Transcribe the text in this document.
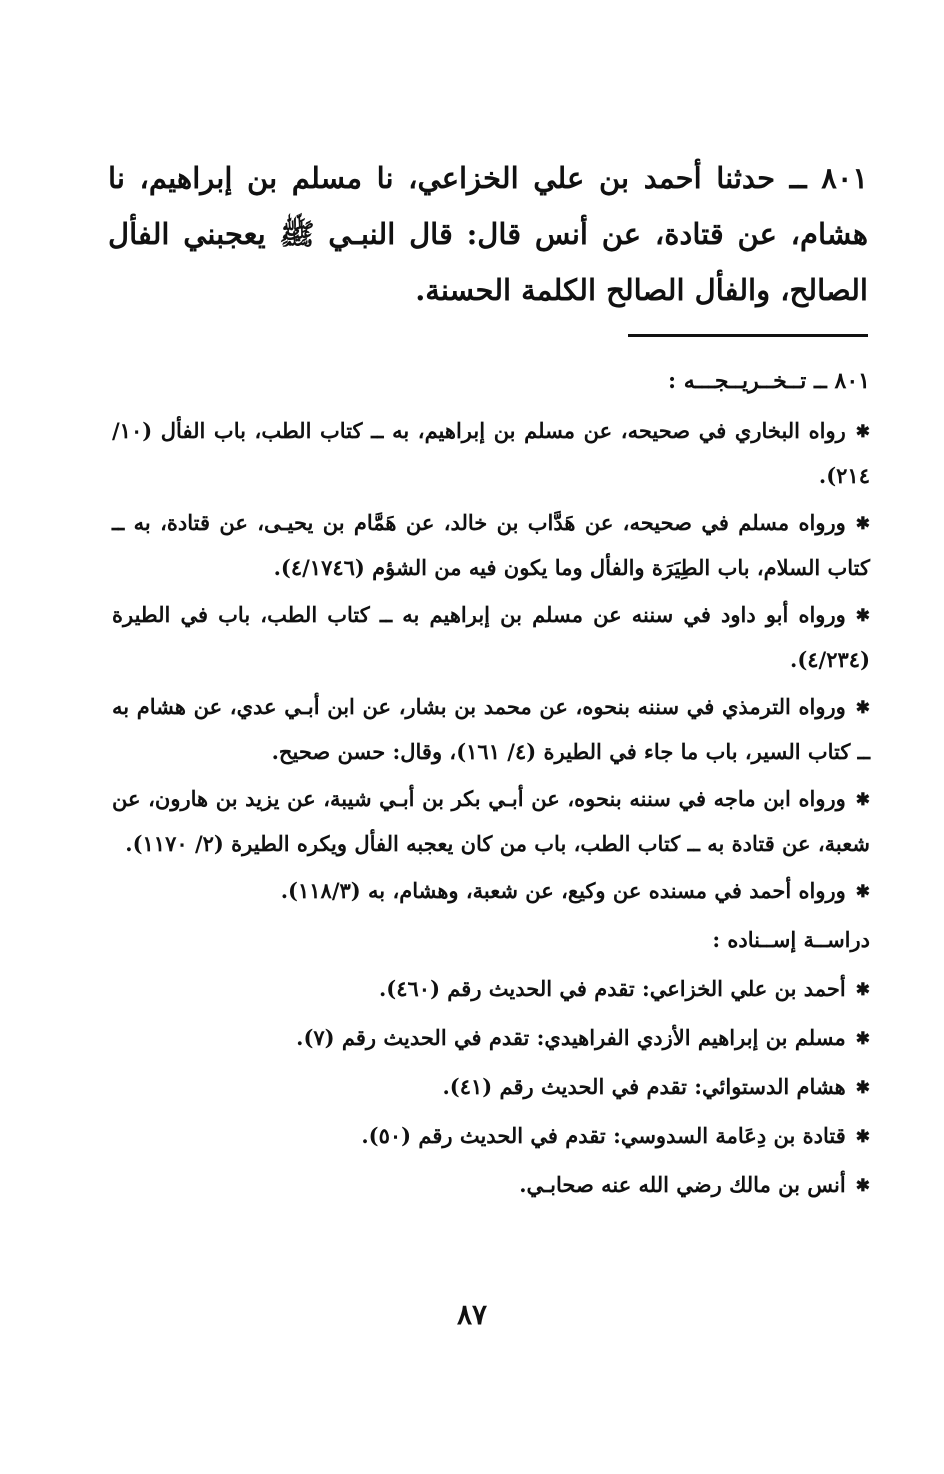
٨٠١ ــ حدثنا أحمد بن علي الخزاعي، نا مسلم بن إبراهيم، نا هشام، عن قتادة، عن أنس قال: قال النبـي ﷺ يعجبني الفأل الصالح، والفأل الصالح الكلمة الحسنة.
٨٠١ ــ تــخــريــجـــه :

✱رواه البخاري في صحيحه، عن مسلم بن إبراهيم، به ــ كتاب الطب، باب الفأل (١٠/ ٢١٤).

✱ورواه مسلم في صحيحه، عن هَدَّاب بن خالد، عن هَمَّام بن يحيـى، عن قتادة، به ــ كتاب السلام، باب الطِيَرَة والفأل وما يكون فيه من الشؤم (٤/١٧٤٦).

✱ورواه أبو داود في سننه عن مسلم بن إبراهيم به ــ كتاب الطب، باب في الطيرة (٤/٢٣٤).

✱ورواه الترمذي في سننه بنحوه، عن محمد بن بشار، عن ابن أبـي عدي، عن هشام به ــ كتاب السير، باب ما جاء في الطيرة (٤/ ١٦١)، وقال: حسن صحيح.

✱ورواه ابن ماجه في سننه بنحوه، عن أبـي بكر بن أبـي شيبة، عن يزيد بن هارون، عن شعبة، عن قتادة به ــ كتاب الطب، باب من كان يعجبه الفأل ويكره الطيرة (٢/ ١١٧٠).

✱ورواه أحمد في مسنده عن وكيع، عن شعبة، وهشام، به (١١٨/٣).

دراســة إســناده :
✱أحمد بن علي الخزاعي: تقدم في الحديث رقم (٤٦٠).
✱مسلم بن إبراهيم الأزدي الفراهيدي: تقدم في الحديث رقم (٧).
✱هشام الدستوائي: تقدم في الحديث رقم (٤١).
✱قتادة بن دِعَامة السدوسي: تقدم في الحديث رقم (٥٠).
✱أنس بن مالك رضي الله عنه صحابـي.
٨٧
